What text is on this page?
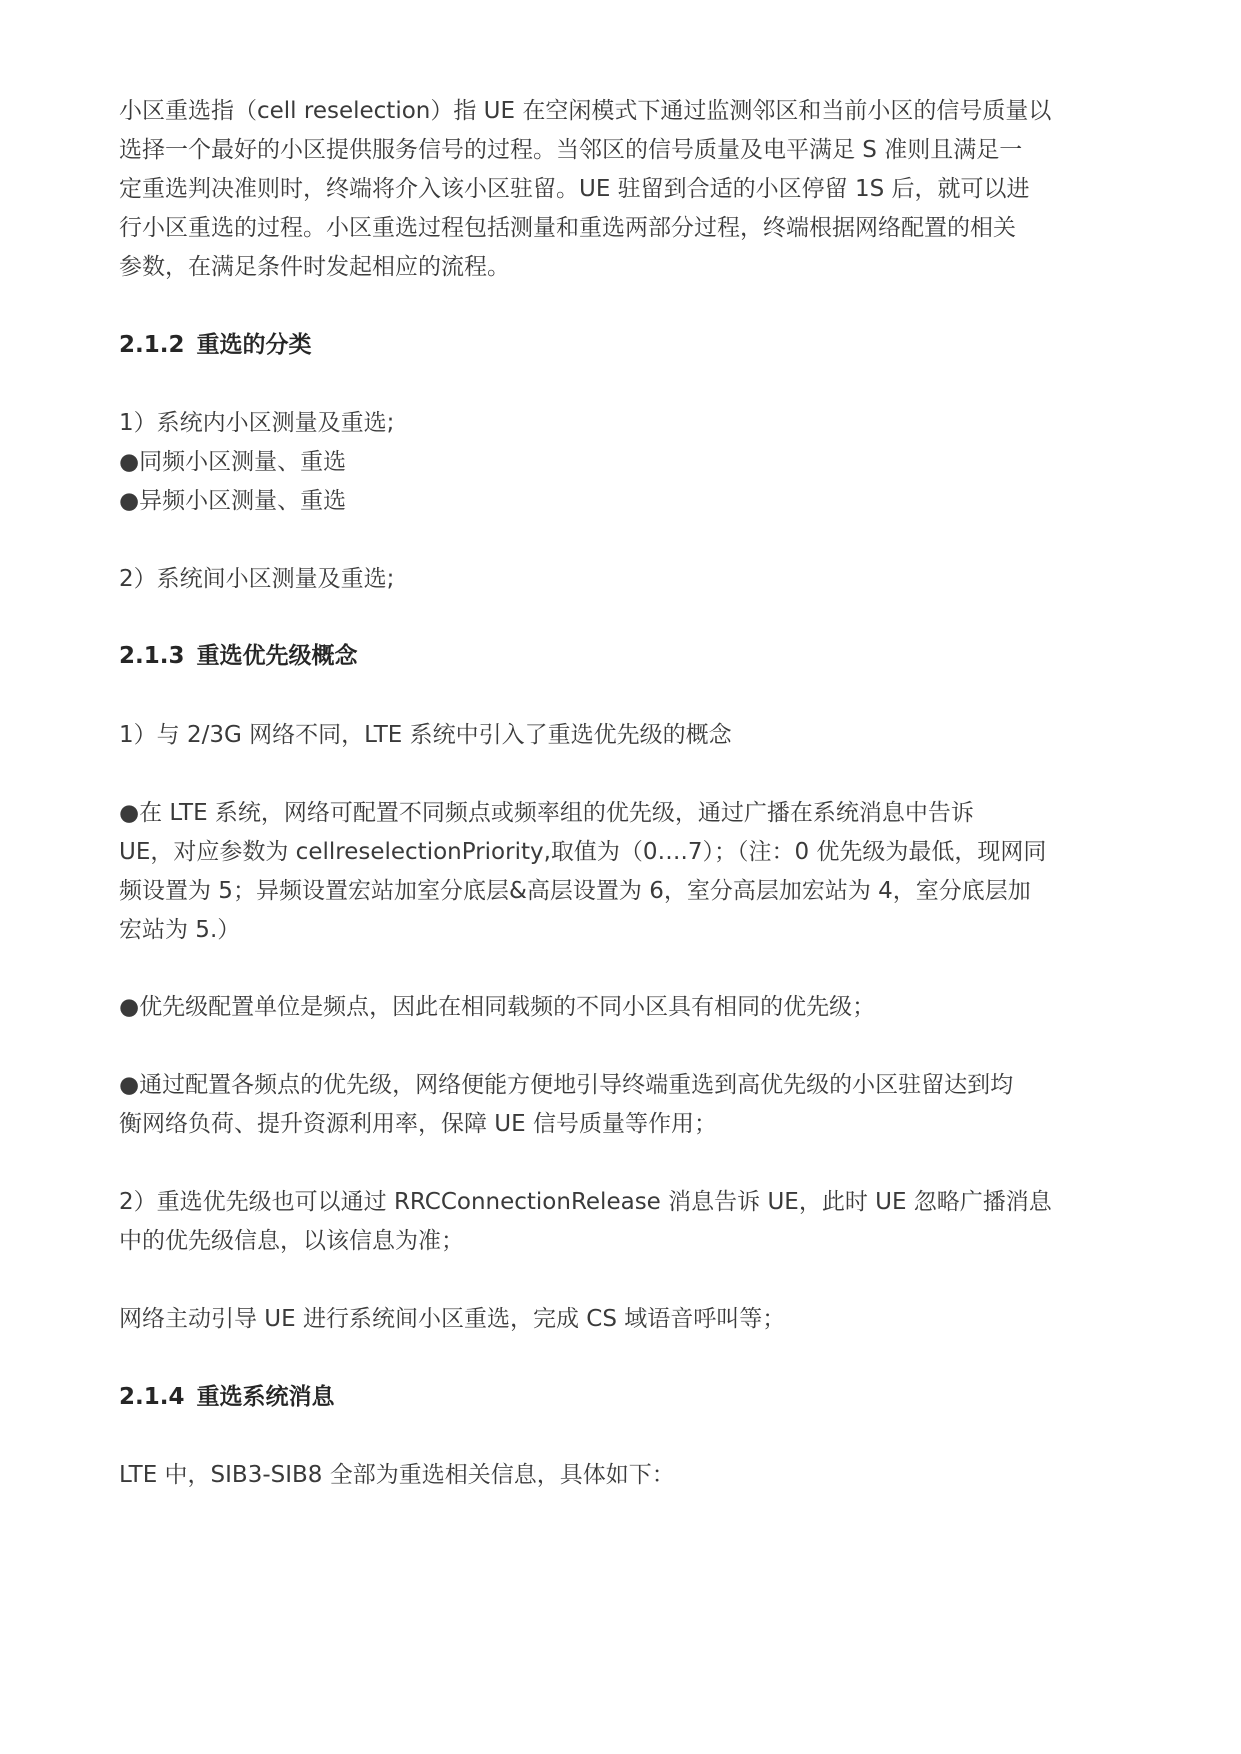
小区重选指（cell reselection）指 UE 在空闲模式下通过监测邻区和当前小区的信号质量以
选择一个最好的小区提供服务信号的过程。当邻区的信号质量及电平满足 S 准则且满足一
定重选判决准则时，终端将介入该小区驻留。UE 驻留到合适的小区停留 1S 后，就可以进
行小区重选的过程。小区重选过程包括测量和重选两部分过程，终端根据网络配置的相关
参数，在满足条件时发起相应的流程。
2.1.2 重选的分类
1）系统内小区测量及重选;
●同频小区测量、重选
●异频小区测量、重选
2）系统间小区测量及重选;
2.1.3 重选优先级概念
1）与 2/3G 网络不同，LTE 系统中引入了重选优先级的概念
●在 LTE 系统，网络可配置不同频点或频率组的优先级，通过广播在系统消息中告诉
UE，对应参数为 cellreselectionPriority,取值为（0….7）；（注：0 优先级为最低，现网同
频设置为 5；异频设置宏站加室分底层&高层设置为 6，室分高层加宏站为 4，室分底层加
宏站为 5.）
●优先级配置单位是频点，因此在相同载频的不同小区具有相同的优先级；
●通过配置各频点的优先级，网络便能方便地引导终端重选到高优先级的小区驻留达到均
衡网络负荷、提升资源利用率，保障 UE 信号质量等作用；
2）重选优先级也可以通过 RRCConnectionRelease 消息告诉 UE，此时 UE 忽略广播消息
中的优先级信息，以该信息为准；
网络主动引导 UE 进行系统间小区重选，完成 CS 域语音呼叫等；
2.1.4 重选系统消息
LTE 中，SIB3-SIB8 全部为重选相关信息，具体如下：
